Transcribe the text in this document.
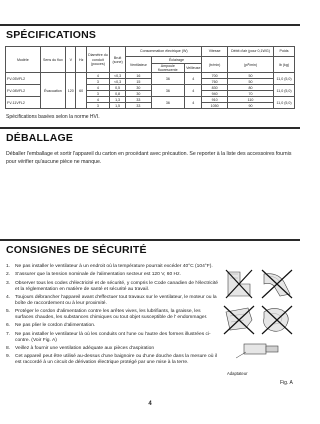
SPÉCIFICATIONS
Modèle	Sens du flux	V	Hz	Diamètre du conduit (pouces)	Bruit (sone)	Consommation électrique (W)			Vitesse	Débit d'air (pour 0,1WG)	Poids
						Ventilateur	Éclairage		(tr/min)	(pi³/min)	lb (kg)
							Ampoule fluorescente	Veilleuse			
FV-05VFL2	Évacuation	120	60	4	<0,3	16	36	4	700	50	11,0 (5,0)
				3	<0,3	15			760	50	
FV-08VFL2				4	0,5	30	36	4	830	80	11,0 (5,0)
				3	0,8	30			940	70	
FV-11VFL2				4	1,3	33	36	4	910	110	11,0 (5,0)
				3	1,5	33			1050	90	
Spécifications basées selon la norme HVI.
DÉBALLAGE
Déballer l'emballage et sortir l'appareil du carton en procédant avec précaution. Se reporter à la liste des accessoires fournis pour vérifier qu'aucune pièce ne manque.
CONSIGNES DE SÉCURITÉ
1.	Ne pas installer le ventilateur à un endroit où la température pourrait excéder 40°C (104°F).
2.	S'assurer que la tension nominale de l'alimentation secteur est 120 V, 60 Hz.
3.	Observer tous les codes d'électricité et de sécurité, y compris le Code canadien de l'électricité et la réglementation en matière de santé et sécurité au travail.
4.	Toujours débrancher l'appareil avant d'effectuer tout travaux sur le ventilateur, le moteur ou la boîte de raccordement ou à leur proximité.
5.	Protéger le cordon d'alimentation contre les arêtes vives, les lubrifiants, la graisse, les surfaces chaudes, les substances chimiques ou tout objet susceptible de l' endommager.
6.	Ne pas plier le cordon d'alimentation.
7.	Ne pas installer le ventilateur là où les conduits ont l'une ou l'autre des formes illustrées ci-contre. (Voir Fig. A)
8.	Veillez à fournir une ventilation adéquate aux pièces d'aspiration
9.	Cet appareil peut être utilisé au-dessus d'une baignoire ou d'une douche dans la mesure où il est raccordé à un circuit de dérivation électrique protégé par une mise à la terre.
Adaptateur
Fig. A
4
